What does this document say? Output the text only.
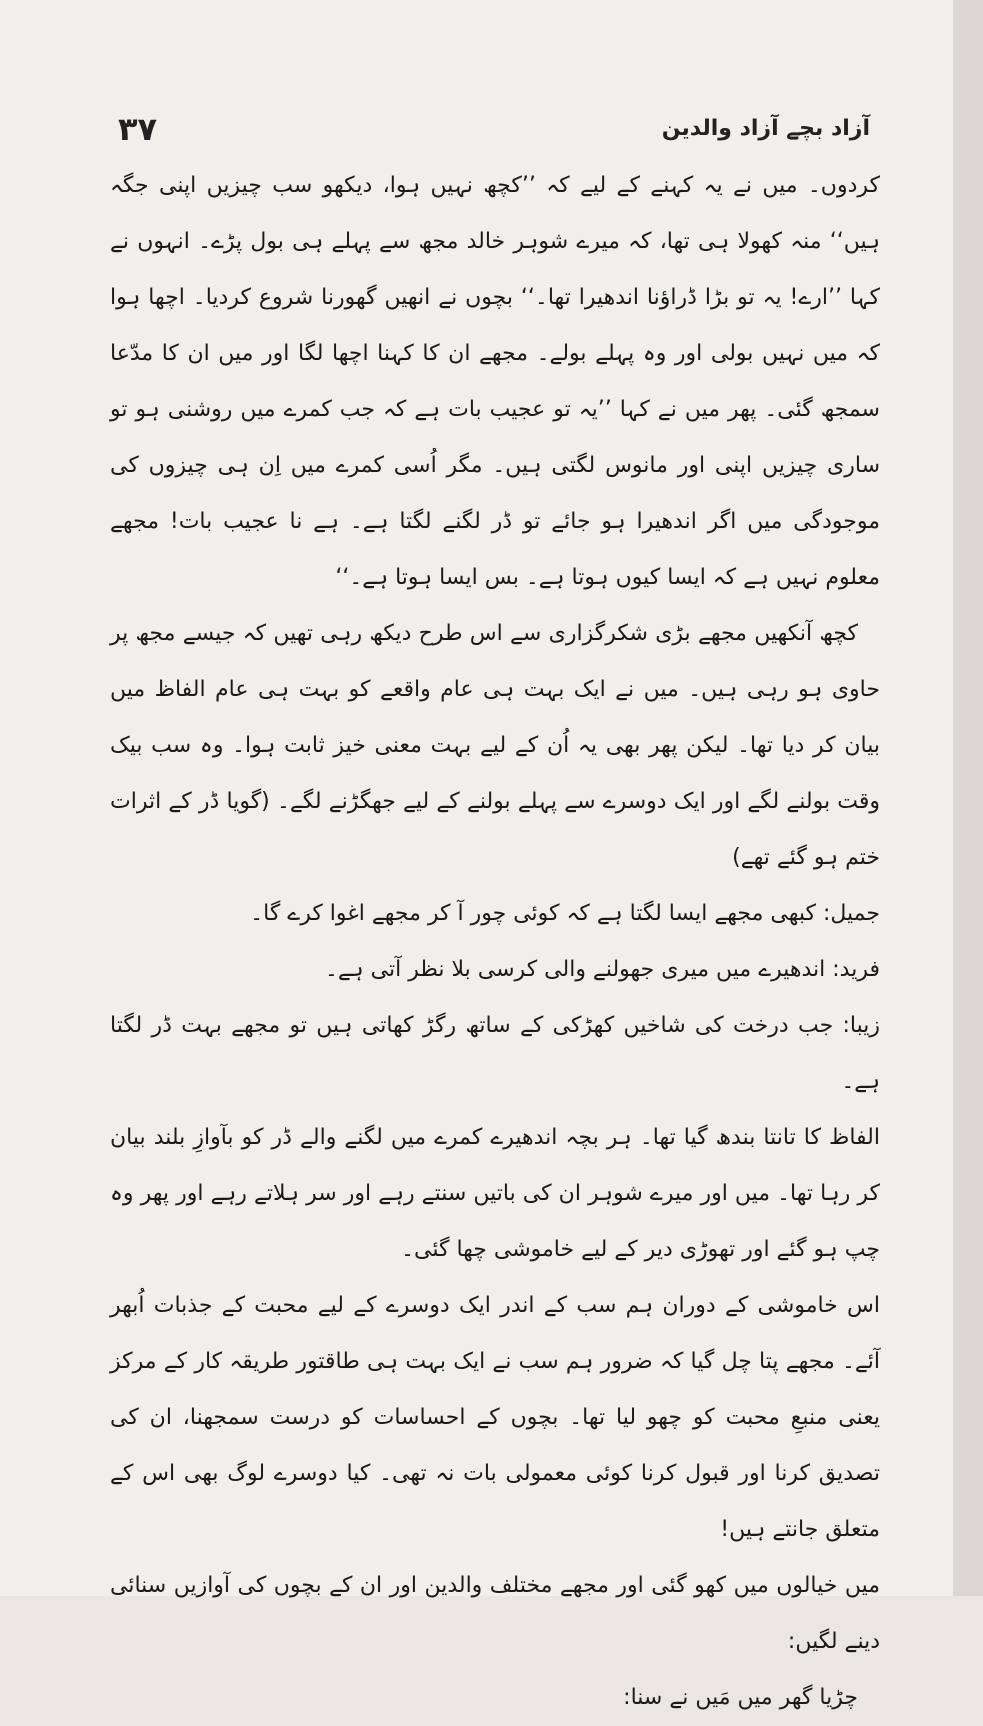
آزاد بچے آزاد والدین
۳۷

کردوں۔ میں نے یہ کہنے کے لیے کہ ’’کچھ نہیں ہوا، دیکھو سب چیزیں اپنی جگہ ہیں‘‘ منہ کھولا ہی تھا، کہ میرے شوہر خالد مجھ سے پہلے ہی بول پڑے۔ انہوں نے کہا ’’ارے! یہ تو بڑا ڈراؤنا اندھیرا تھا۔‘‘ بچوں نے انھیں گھورنا شروع کردیا۔ اچھا ہوا کہ میں نہیں بولی اور وہ پہلے بولے۔ مجھے ان کا کہنا اچھا لگا اور میں ان کا مدّعا سمجھ گئی۔ پھر میں نے کہا ’’یہ تو عجیب بات ہے کہ جب کمرے میں روشنی ہو تو ساری چیزیں اپنی اور مانوس لگتی ہیں۔ مگر اُسی کمرے میں اِن ہی چیزوں کی موجودگی میں اگر اندھیرا ہو جائے تو ڈر لگنے لگتا ہے۔ ہے نا عجیب بات! مجھے معلوم نہیں ہے کہ ایسا کیوں ہوتا ہے۔ بس ایسا ہوتا ہے۔‘‘

کچھ آنکھیں مجھے بڑی شکرگزاری سے اس طرح دیکھ رہی تھیں کہ جیسے مجھ پر حاوی ہو رہی ہیں۔ میں نے ایک بہت ہی عام واقعے کو بہت ہی عام الفاظ میں بیان کر دیا تھا۔ لیکن پھر بھی یہ اُن کے لیے بہت معنی خیز ثابت ہوا۔ وہ سب بیک وقت بولنے لگے اور ایک دوسرے سے پہلے بولنے کے لیے جھگڑنے لگے۔ (گویا ڈر کے اثرات ختم ہو گئے تھے)

جمیل: کبھی مجھے ایسا لگتا ہے کہ کوئی چور آ کر مجھے اغوا کرے گا۔

فرید: اندھیرے میں میری جھولنے والی کرسی بلا نظر آتی ہے۔

زیبا: جب درخت کی شاخیں کھڑکی کے ساتھ رگڑ کھاتی ہیں تو مجھے بہت ڈر لگتا ہے۔

الفاظ کا تانتا بندھ گیا تھا۔ ہر بچہ اندھیرے کمرے میں لگنے والے ڈر کو بآوازِ بلند بیان کر رہا تھا۔ میں اور میرے شوہر ان کی باتیں سنتے رہے اور سر ہلاتے رہے اور پھر وہ چپ ہو گئے اور تھوڑی دیر کے لیے خاموشی چھا گئی۔

اس خاموشی کے دوران ہم سب کے اندر ایک دوسرے کے لیے محبت کے جذبات اُبھر آئے۔ مجھے پتا چل گیا کہ ضرور ہم سب نے ایک بہت ہی طاقتور طریقہ کار کے مرکز یعنی منبعِ محبت کو چھو لیا تھا۔ بچوں کے احساسات کو درست سمجھنا، ان کی تصدیق کرنا اور قبول کرنا کوئی معمولی بات نہ تھی۔ کیا دوسرے لوگ بھی اس کے متعلق جانتے ہیں!

میں خیالوں میں کھو گئی اور مجھے مختلف والدین اور ان کے بچوں کی آوازیں سنائی دینے لگیں:

چڑیا گھر میں مَیں نے سنا:
